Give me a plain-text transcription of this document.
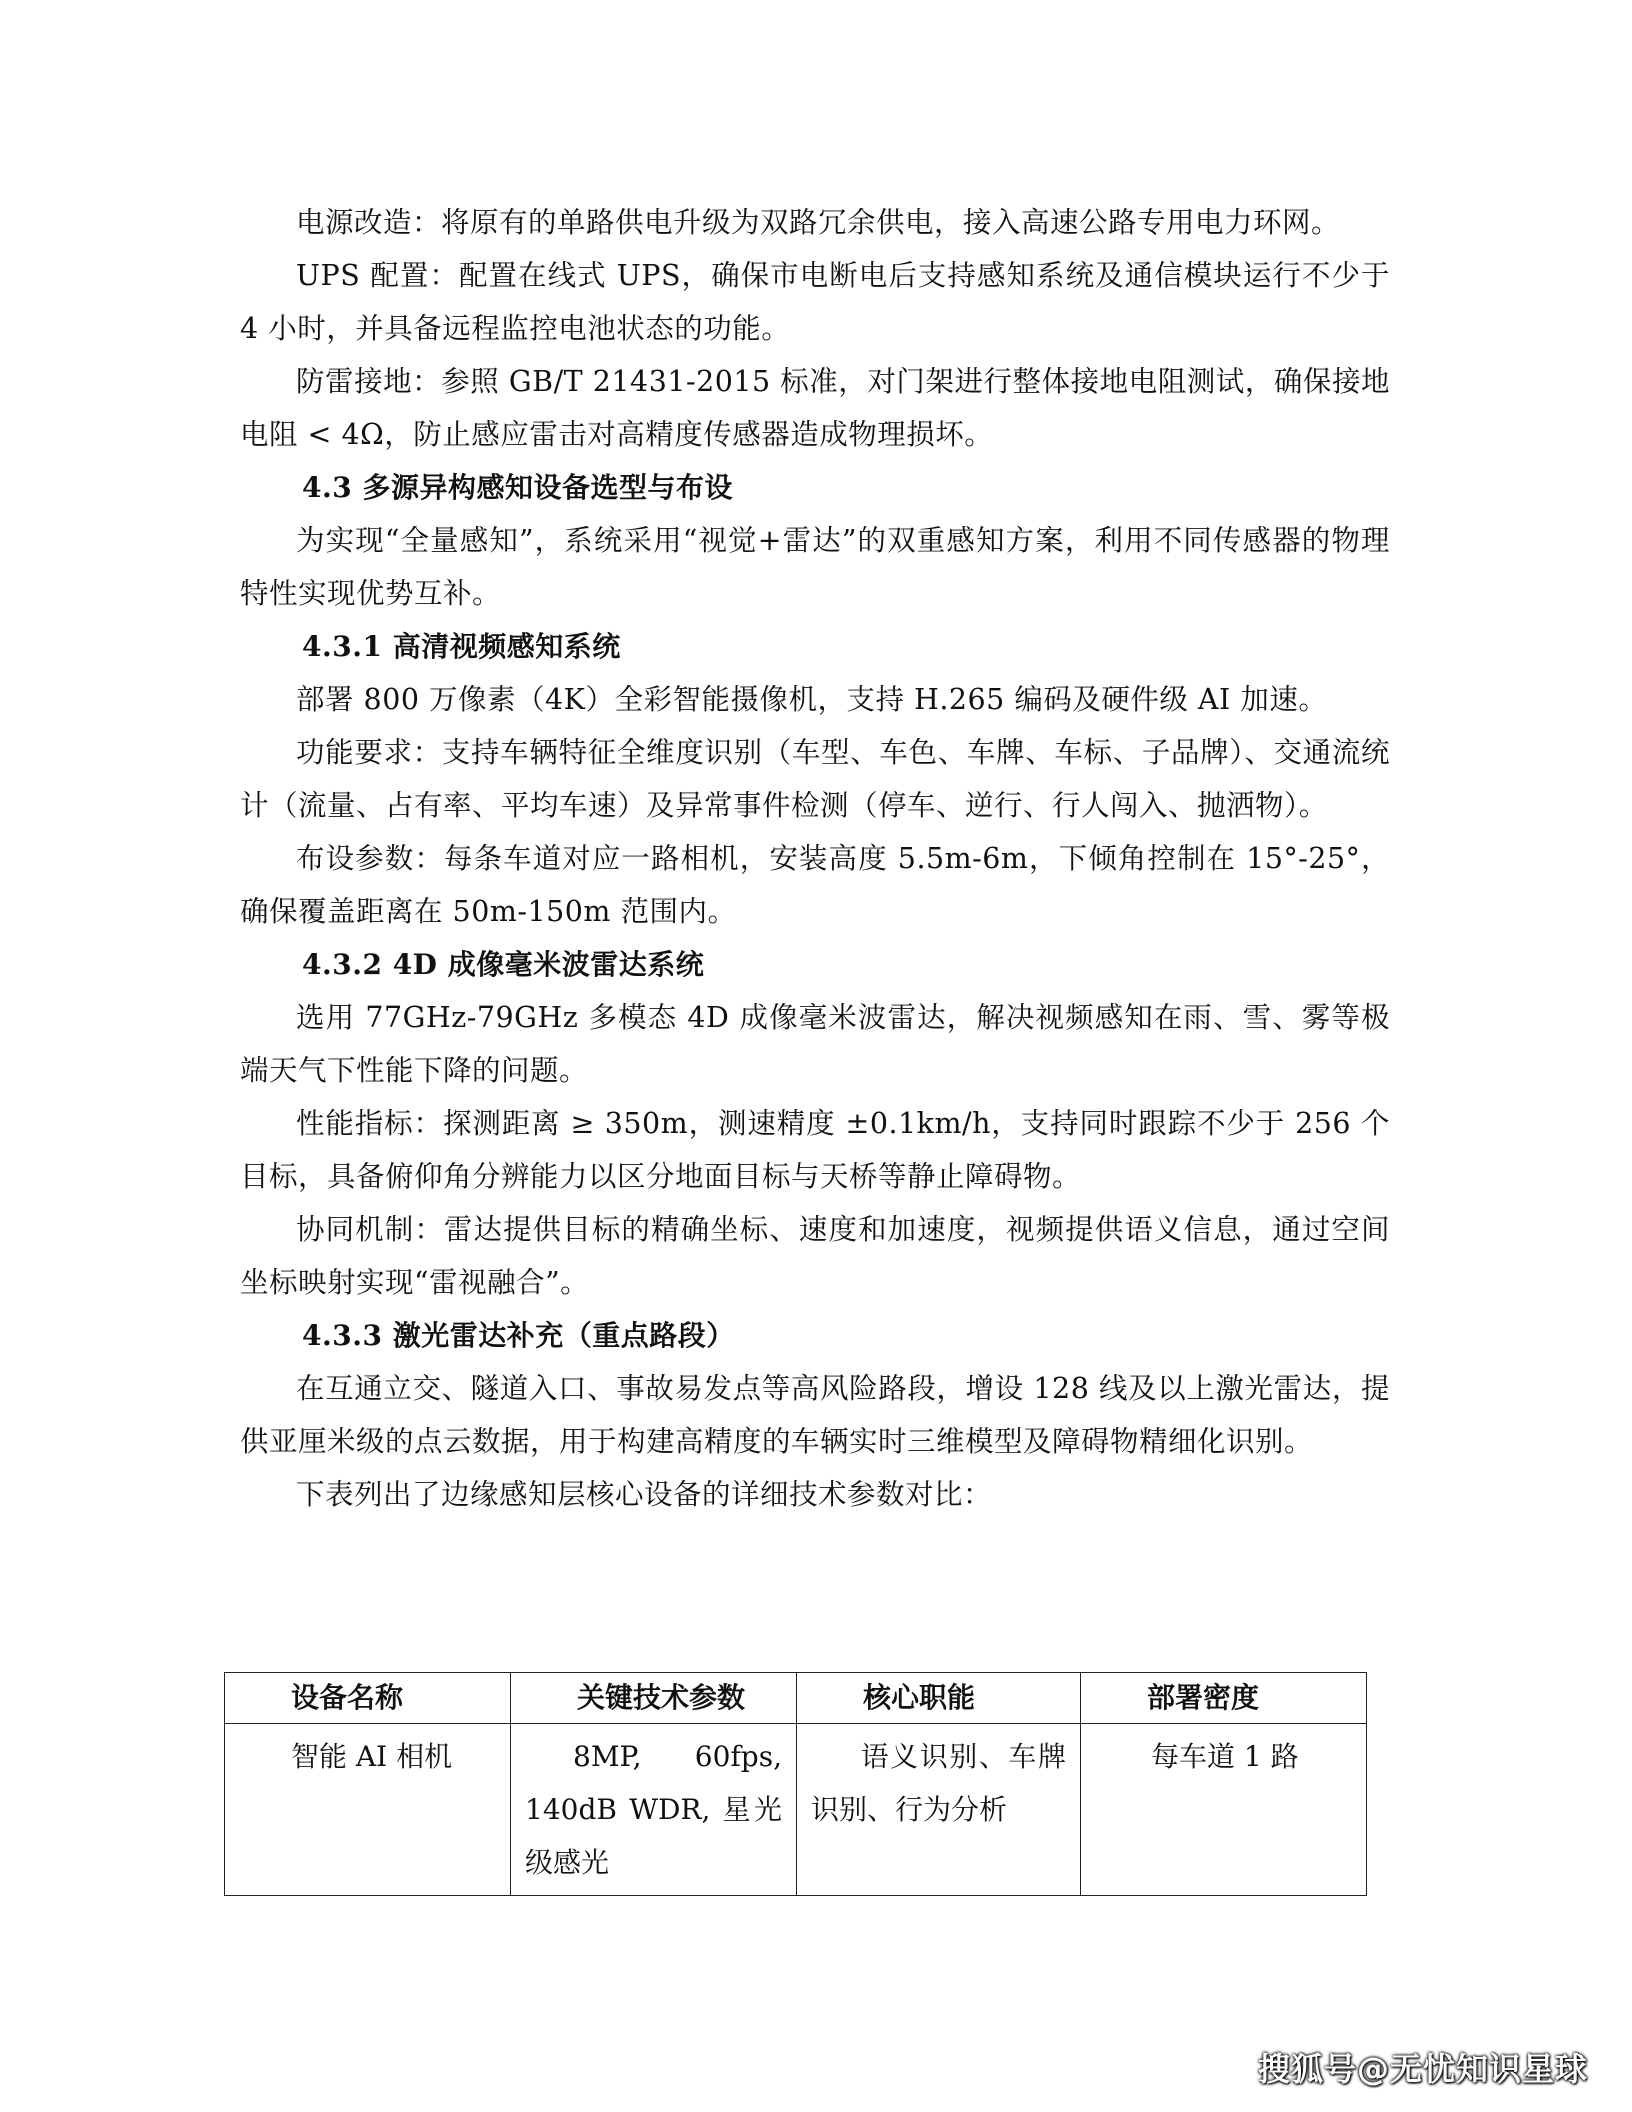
电源改造：将原有的单路供电升级为双路冗余供电，接入高速公路专用电力环网。

UPS 配置：配置在线式 UPS，确保市电断电后支持感知系统及通信模块运行不少于 4 小时，并具备远程监控电池状态的功能。

防雷接地：参照 GB/T 21431-2015 标准，对门架进行整体接地电阻测试，确保接地电阻 < 4Ω，防止感应雷击对高精度传感器造成物理损坏。

4.3 多源异构感知设备选型与布设

为实现“全量感知”，系统采用“视觉+雷达”的双重感知方案，利用不同传感器的物理特性实现优势互补。

4.3.1 高清视频感知系统

部署 800 万像素（4K）全彩智能摄像机，支持 H.265 编码及硬件级 AI 加速。

功能要求：支持车辆特征全维度识别（车型、车色、车牌、车标、子品牌）、交通流统计（流量、占有率、平均车速）及异常事件检测（停车、逆行、行人闯入、抛洒物）。

布设参数：每条车道对应一路相机，安装高度 5.5m-6m，下倾角控制在 15°-25°，确保覆盖距离在 50m-150m 范围内。

4.3.2 4D 成像毫米波雷达系统

选用 77GHz-79GHz 多模态 4D 成像毫米波雷达，解决视频感知在雨、雪、雾等极端天气下性能下降的问题。

性能指标：探测距离 ≥ 350m，测速精度 ±0.1km/h，支持同时跟踪不少于 256 个目标，具备俯仰角分辨能力以区分地面目标与天桥等静止障碍物。

协同机制：雷达提供目标的精确坐标、速度和加速度，视频提供语义信息，通过空间坐标映射实现“雷视融合”。

4.3.3 激光雷达补充（重点路段）

在互通立交、隧道入口、事故易发点等高风险路段，增设 128 线及以上激光雷达，提供亚厘米级的点云数据，用于构建高精度的车辆实时三维模型及障碍物精细化识别。

下表列出了边缘感知层核心设备的详细技术参数对比：

设备名称	关键技术参数	核心职能	部署密度
智能 AI 相机	8MP, 60fps, 140dB WDR, 星光级感光	语义识别、车牌识别、行为分析	每车道 1 路
搜狐号@无忧知识星球
